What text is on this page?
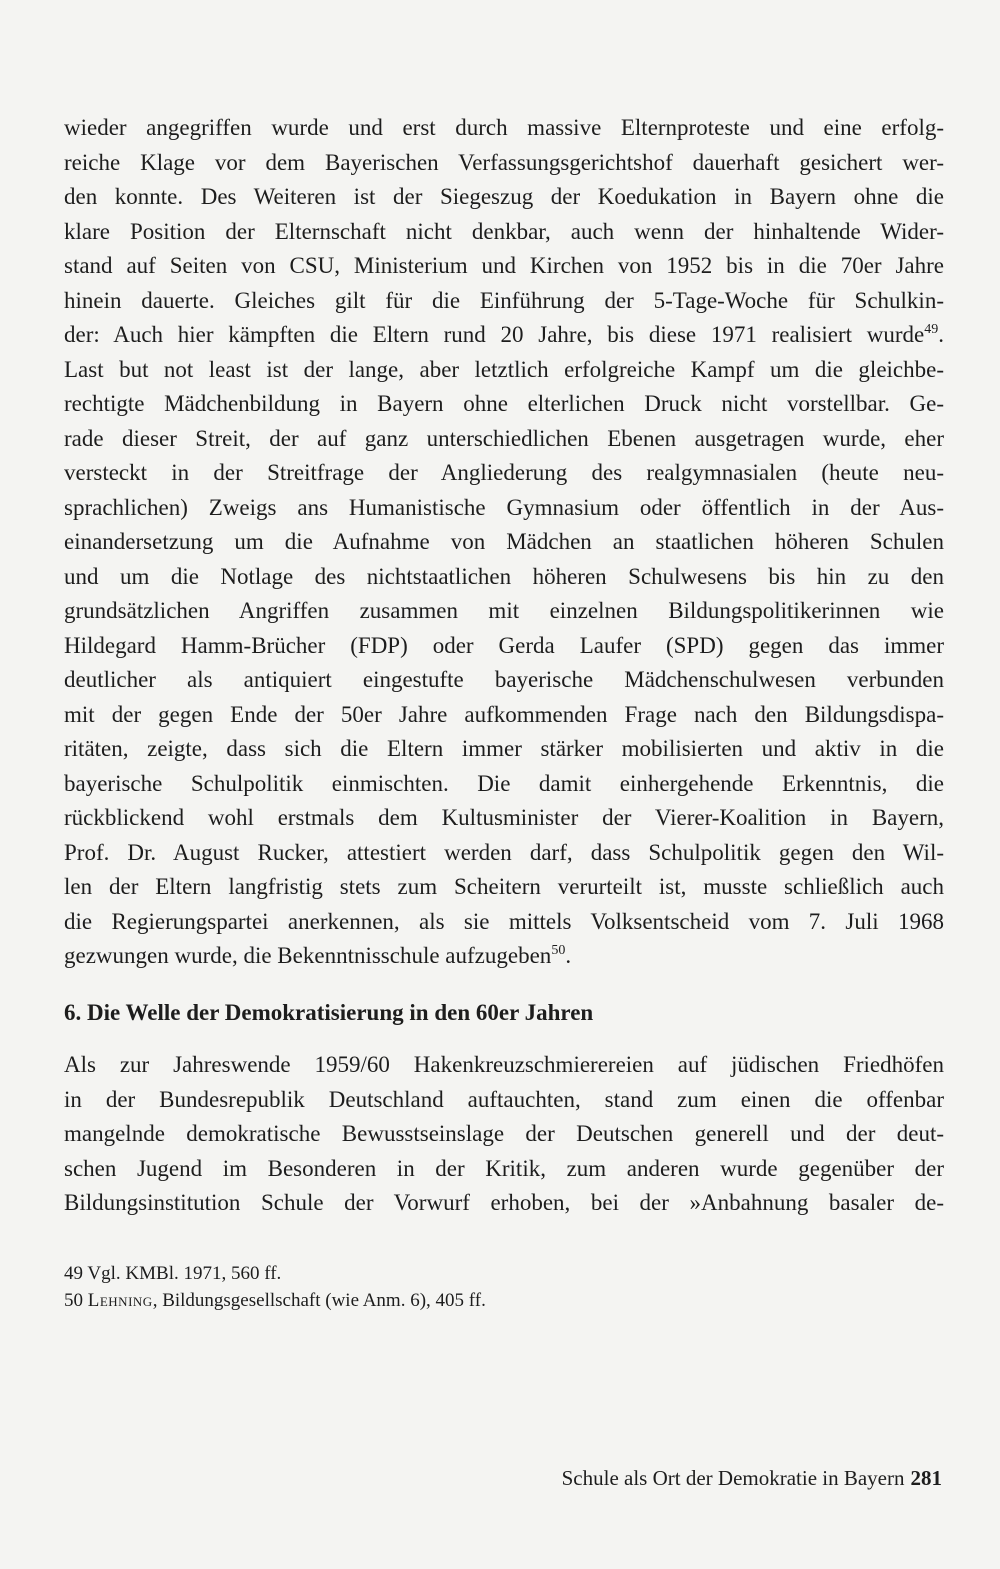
wieder angegriffen wurde und erst durch massive Elternproteste und eine erfolg-
reiche Klage vor dem Bayerischen Verfassungsgerichtshof dauerhaft gesichert wer-
den konnte. Des Weiteren ist der Siegeszug der Koedukation in Bayern ohne die
klare Position der Elternschaft nicht denkbar, auch wenn der hinhaltende Wider-
stand auf Seiten von CSU, Ministerium und Kirchen von 1952 bis in die 70er Jahre
hinein dauerte. Gleiches gilt für die Einführung der 5-Tage-Woche für Schulkin-
der: Auch hier kämpften die Eltern rund 20 Jahre, bis diese 1971 realisiert wurde$^{49}$.
Last but not least ist der lange, aber letztlich erfolgreiche Kampf um die gleichbe-
rechtigte Mädchenbildung in Bayern ohne elterlichen Druck nicht vorstellbar. Ge-
rade dieser Streit, der auf ganz unterschiedlichen Ebenen ausgetragen wurde, eher
versteckt in der Streitfrage der Angliederung des realgymnasialen (heute neu-
sprachlichen) Zweigs ans Humanistische Gymnasium oder öffentlich in der Aus-
einandersetzung um die Aufnahme von Mädchen an staatlichen höheren Schulen
und um die Notlage des nichtstaatlichen höheren Schulwesens bis hin zu den
grundsätzlichen Angriffen zusammen mit einzelnen Bildungspolitikerinnen wie
Hildegard Hamm-Brücher (FDP) oder Gerda Laufer (SPD) gegen das immer
deutlicher als antiquiert eingestufte bayerische Mädchenschulwesen verbunden
mit der gegen Ende der 50er Jahre aufkommenden Frage nach den Bildungsdispa-
ritäten, zeigte, dass sich die Eltern immer stärker mobilisierten und aktiv in die
bayerische Schulpolitik einmischten. Die damit einhergehende Erkenntnis, die
rückblickend wohl erstmals dem Kultusminister der Vierer-Koalition in Bayern,
Prof. Dr. August Rucker, attestiert werden darf, dass Schulpolitik gegen den Wil-
len der Eltern langfristig stets zum Scheitern verurteilt ist, musste schließlich auch
die Regierungspartei anerkennen, als sie mittels Volksentscheid vom 7. Juli 1968
gezwungen wurde, die Bekenntnisschule aufzugeben$^{50}$.
6. Die Welle der Demokratisierung in den 60er Jahren
Als zur Jahreswende 1959/60 Hakenkreuzschmierereien auf jüdischen Friedhöfen
in der Bundesrepublik Deutschland auftauchten, stand zum einen die offenbar
mangelnde demokratische Bewusstseinslage der Deutschen generell und der deut-
schen Jugend im Besonderen in der Kritik, zum anderen wurde gegenüber der
Bildungsinstitution Schule der Vorwurf erhoben, bei der »Anbahnung basaler de-
49 Vgl. KMBl. 1971, 560 ff.
50 Lehning, Bildungsgesellschaft (wie Anm. 6), 405 ff.
Schule als Ort der Demokratie in Bayern 281
